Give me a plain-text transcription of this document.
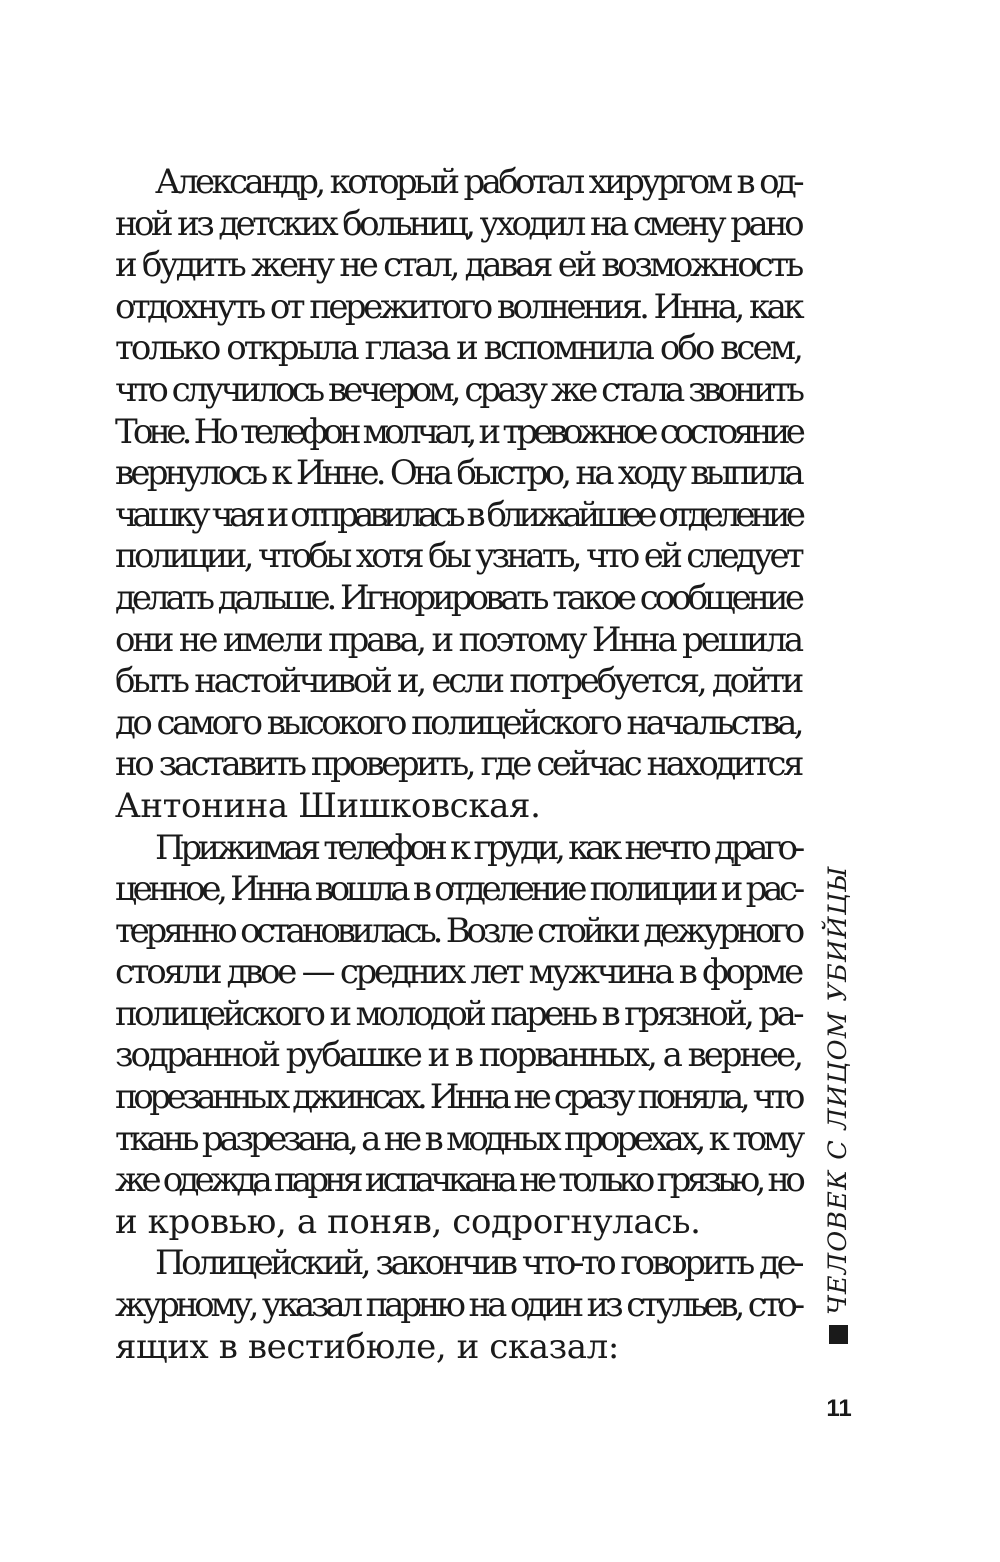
Александр, который работал хирургом в од-
ной из детских больниц, уходил на смену рано
и будить жену не стал, давая ей возможность
отдохнуть от пережитого волнения. Инна, как
только открыла глаза и вспомнила обо всем,
что случилось вечером, сразу же стала звонить
Тоне. Но телефон молчал, и тревожное состояние
вернулось к Инне. Она быстро, на ходу выпила
чашку чая и отправилась в ближайшее отделение
полиции, чтобы хотя бы узнать, что ей следует
делать дальше. Игнорировать такое сообщение
они не имели права, и поэтому Инна решила
быть настойчивой и, если потребуется, дойти
до самого высокого полицейского начальства,
но заставить проверить, где сейчас находится
Антонина Шишковская.
Прижимая телефон к груди, как нечто драго-
ценное, Инна вошла в отделение полиции и рас-
терянно остановилась. Возле стойки дежурного
стояли двое — средних лет мужчина в форме
полицейского и молодой парень в грязной, ра-
зодранной рубашке и в порванных, а вернее,
порезанных джинсах. Инна не сразу поняла, что
ткань разрезана, а не в модных прорехах, к тому
же одежда парня испачкана не только грязью, но
и кровью, а поняв, содрогнулась.
Полицейский, закончив что-то говорить де-
журному, указал парню на один из стульев, сто-
ящих в вестибюле, и сказал:
ЧЕЛОВЕК С ЛИЦОМ УБИЙЦЫ
11
